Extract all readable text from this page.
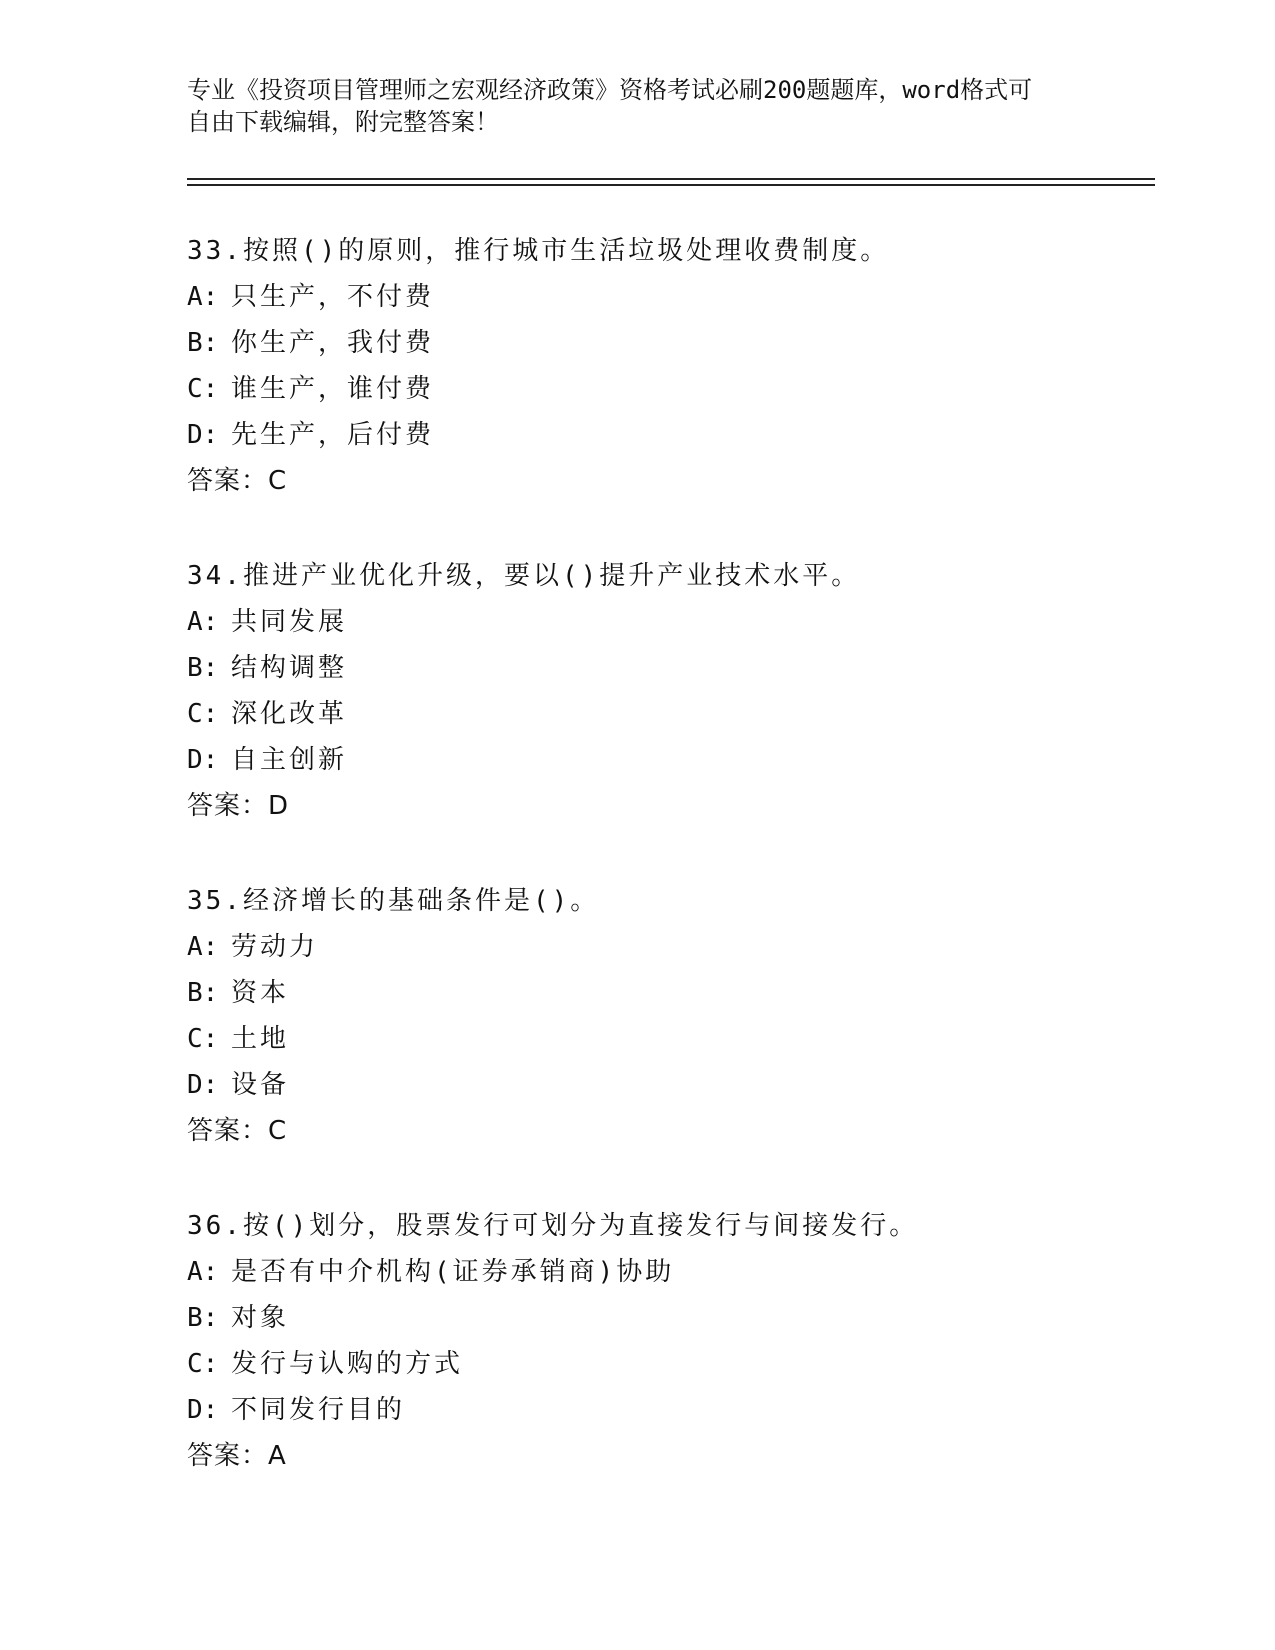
专业《投资项目管理师之宏观经济政策》资格考试必刷200题题库，word格式可
自由下载编辑，附完整答案！
33.按照()的原则，推行城市生活垃圾处理收费制度。
A: 只生产，不付费
B: 你生产，我付费
C: 谁生产，谁付费
D: 先生产，后付费
答案：C
34.推进产业优化升级，要以()提升产业技术水平。
A: 共同发展
B: 结构调整
C: 深化改革
D: 自主创新
答案：D
35.经济增长的基础条件是()。
A: 劳动力
B: 资本
C: 土地
D: 设备
答案：C
36.按()划分，股票发行可划分为直接发行与间接发行。
A: 是否有中介机构(证券承销商)协助
B: 对象
C: 发行与认购的方式
D: 不同发行目的
答案：A
